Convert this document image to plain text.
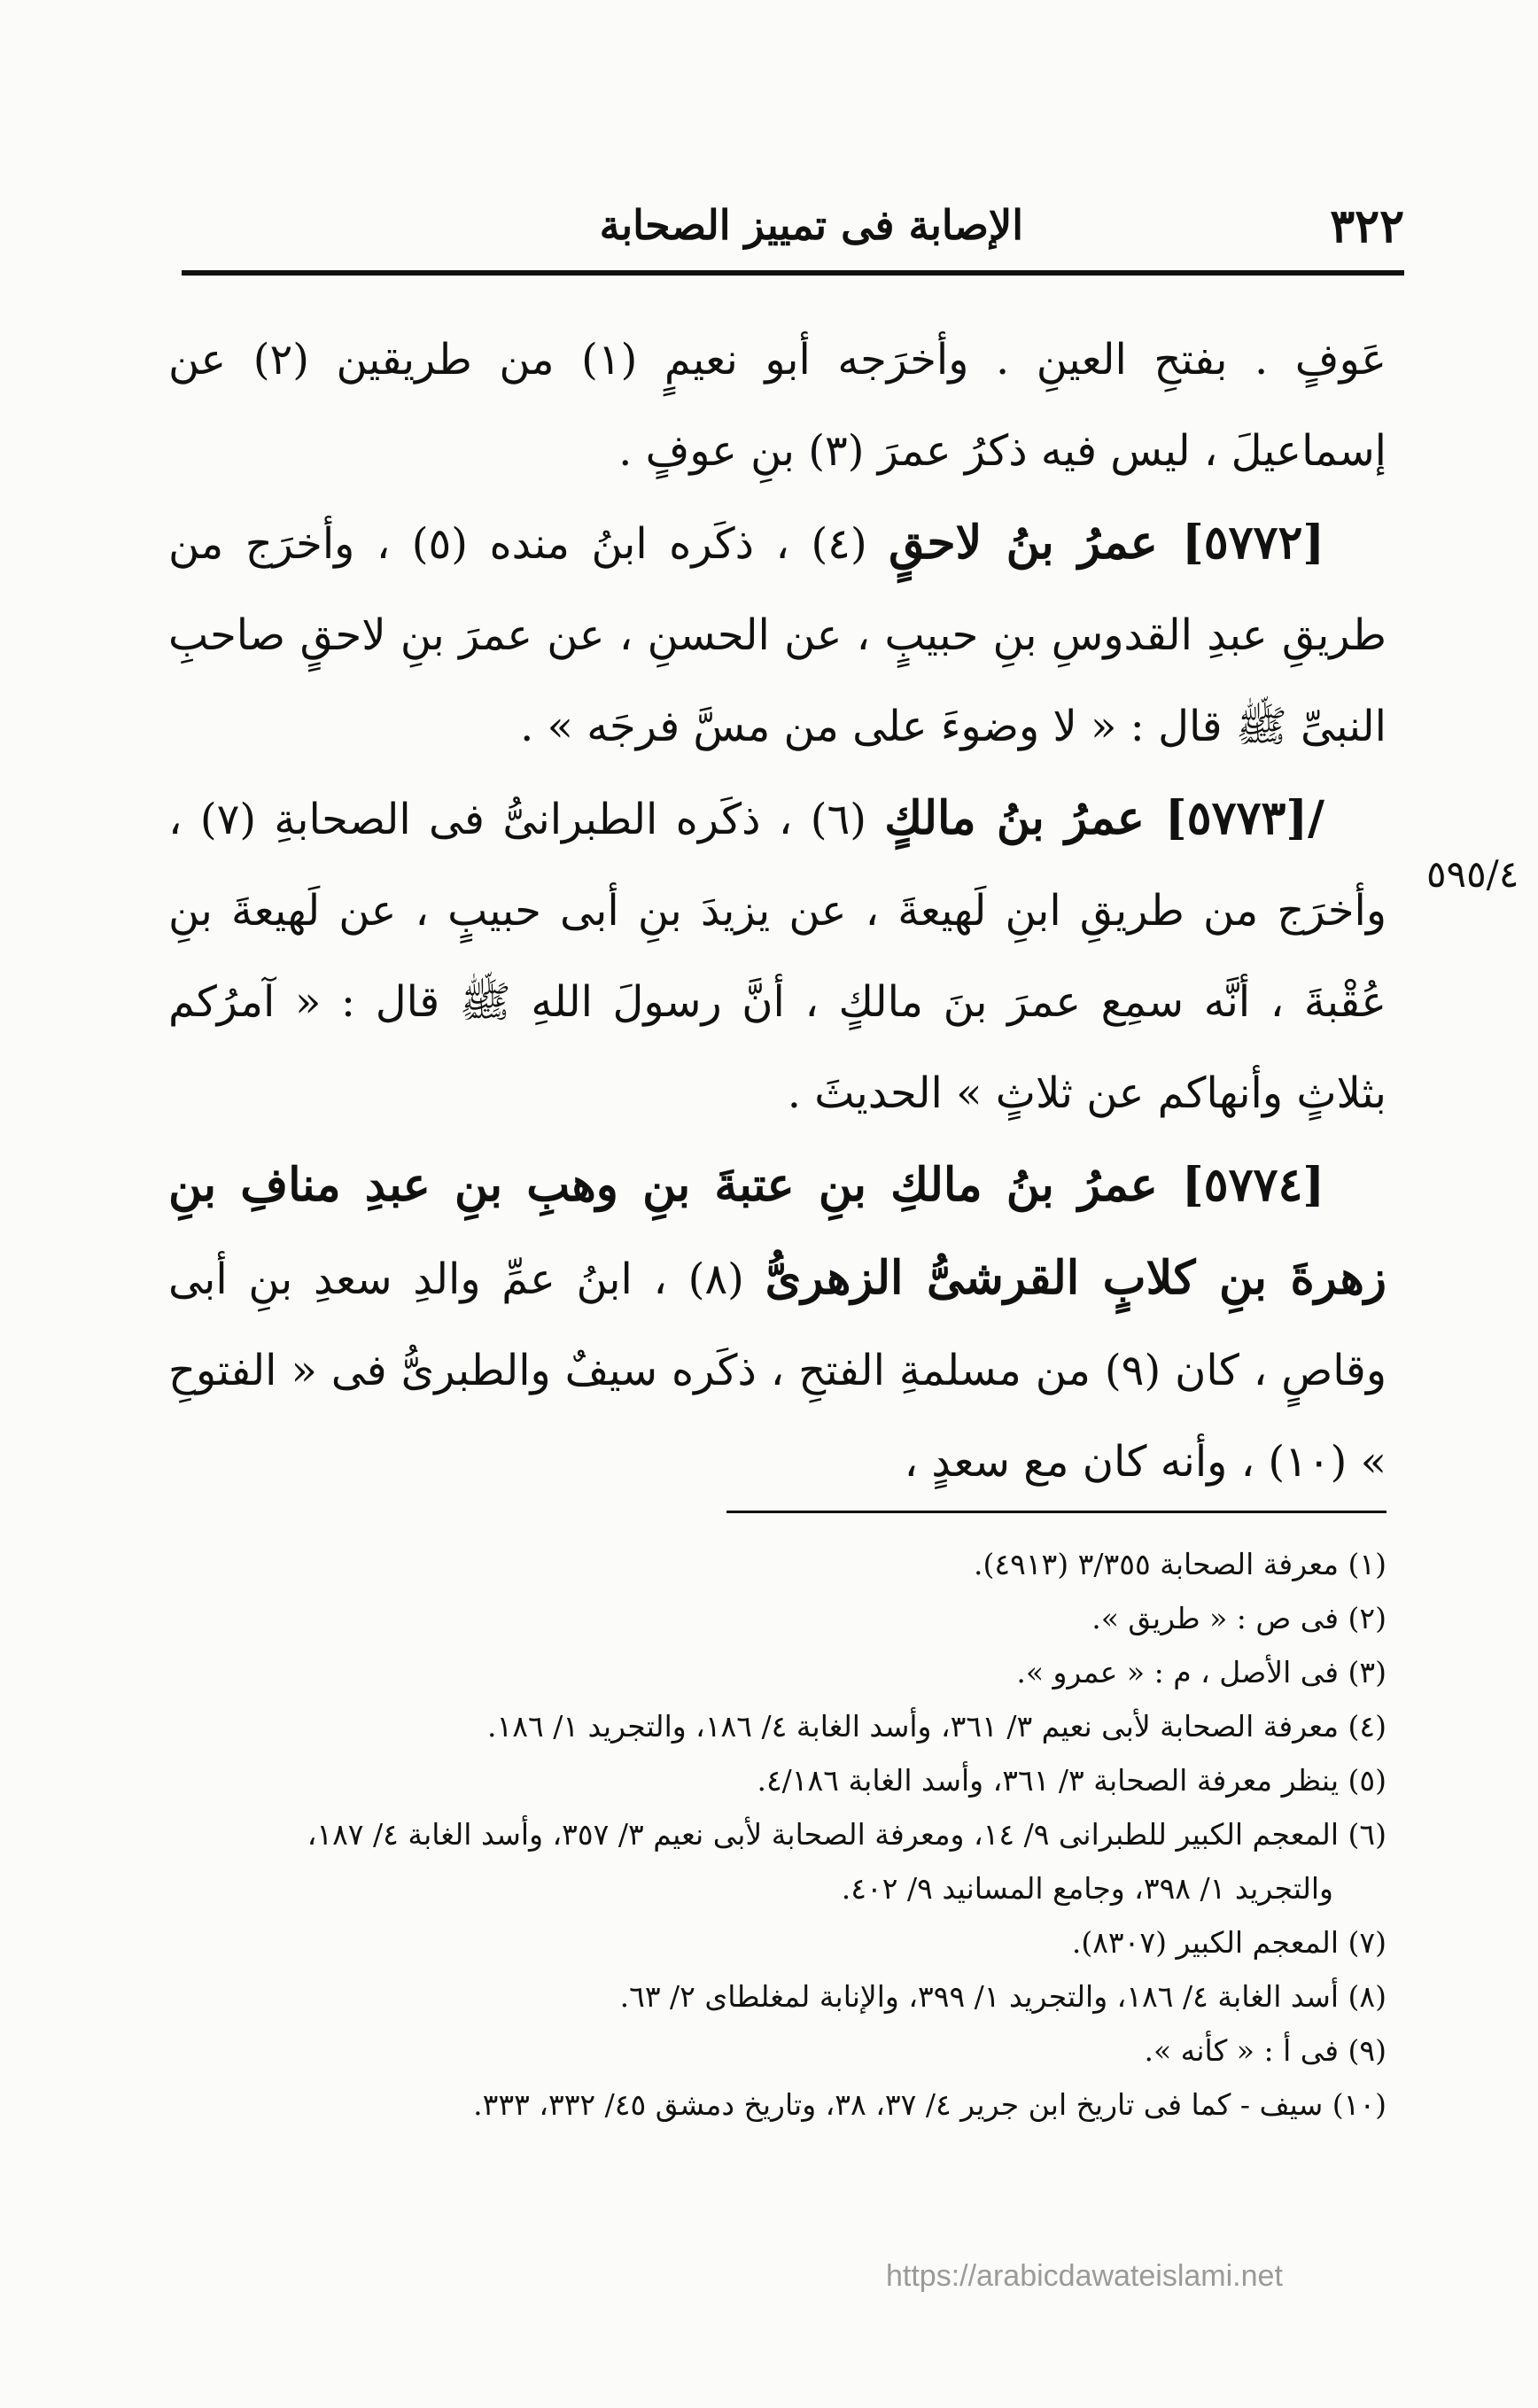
٣٢٢
الإصابة فى تمييز الصحابة
٥٩٥/٤

عَوفٍ . بفتحِ العينِ . وأخرَجه أبو نعيمٍ (١) من طريقين (٢) عن إسماعيلَ ، ليس فيه ذكرُ عمرَ (٣) بنِ عوفٍ .

[٥٧٧٢] عمرُ بنُ لاحقٍ (٤) ، ذكَره ابنُ منده (٥) ، وأخرَج من طريقِ عبدِ القدوسِ بنِ حبيبٍ ، عن الحسنِ ، عن عمرَ بنِ لاحقٍ صاحبِ النبىِّ ﷺ قال : « لا وضوءَ على من مسَّ فرجَه » .

/[٥٧٧٣] عمرُ بنُ مالكٍ (٦) ، ذكَره الطبرانىُّ فى الصحابةِ (٧) ، وأخرَج من طريقِ ابنِ لَهيعةَ ، عن يزيدَ بنِ أبى حبيبٍ ، عن لَهيعةَ بنِ عُقْبةَ ، أنَّه سمِع عمرَ بنَ مالكٍ ، أنَّ رسولَ اللهِ ﷺ قال : « آمرُكم بثلاثٍ وأنهاكم عن ثلاثٍ » الحديثَ .

[٥٧٧٤] عمرُ بنُ مالكِ بنِ عتبةَ بنِ وهبِ بنِ عبدِ منافِ بنِ زهرةَ بنِ كلابٍ القرشىُّ الزهرىُّ (٨) ، ابنُ عمِّ والدِ سعدِ بنِ أبى وقاصٍ ، كان (٩) من مسلمةِ الفتحِ ، ذكَره سيفٌ والطبرىُّ فى « الفتوحِ » (١٠) ، وأنه كان مع سعدٍ ،

(١) معرفة الصحابة ٣/٣٥٥ (٤٩١٣).

(٢) فى ص : « طريق ».

(٣) فى الأصل ، م : « عمرو ».

(٤) معرفة الصحابة لأبى نعيم ٣/ ٣٦١، وأسد الغابة ٤/ ١٨٦، والتجريد ١/ ١٨٦.

(٥) ينظر معرفة الصحابة ٣/ ٣٦١، وأسد الغابة ٤/١٨٦.

(٦) المعجم الكبير للطبرانى ٩/ ١٤، ومعرفة الصحابة لأبى نعيم ٣/ ٣٥٧، وأسد الغابة ٤/ ١٨٧،

والتجريد ١/ ٣٩٨، وجامع المسانيد ٩/ ٤٠٢.

(٧) المعجم الكبير (٨٣٠٧).

(٨) أسد الغابة ٤/ ١٨٦، والتجريد ١/ ٣٩٩، والإنابة لمغلطاى ٢/ ٦٣.

(٩) فى أ : « كأنه ».

(١٠) سيف - كما فى تاريخ ابن جرير ٤/ ٣٧، ٣٨، وتاريخ دمشق ٤٥/ ٣٣٢، ٣٣٣.

https://arabicdawateislami.net
